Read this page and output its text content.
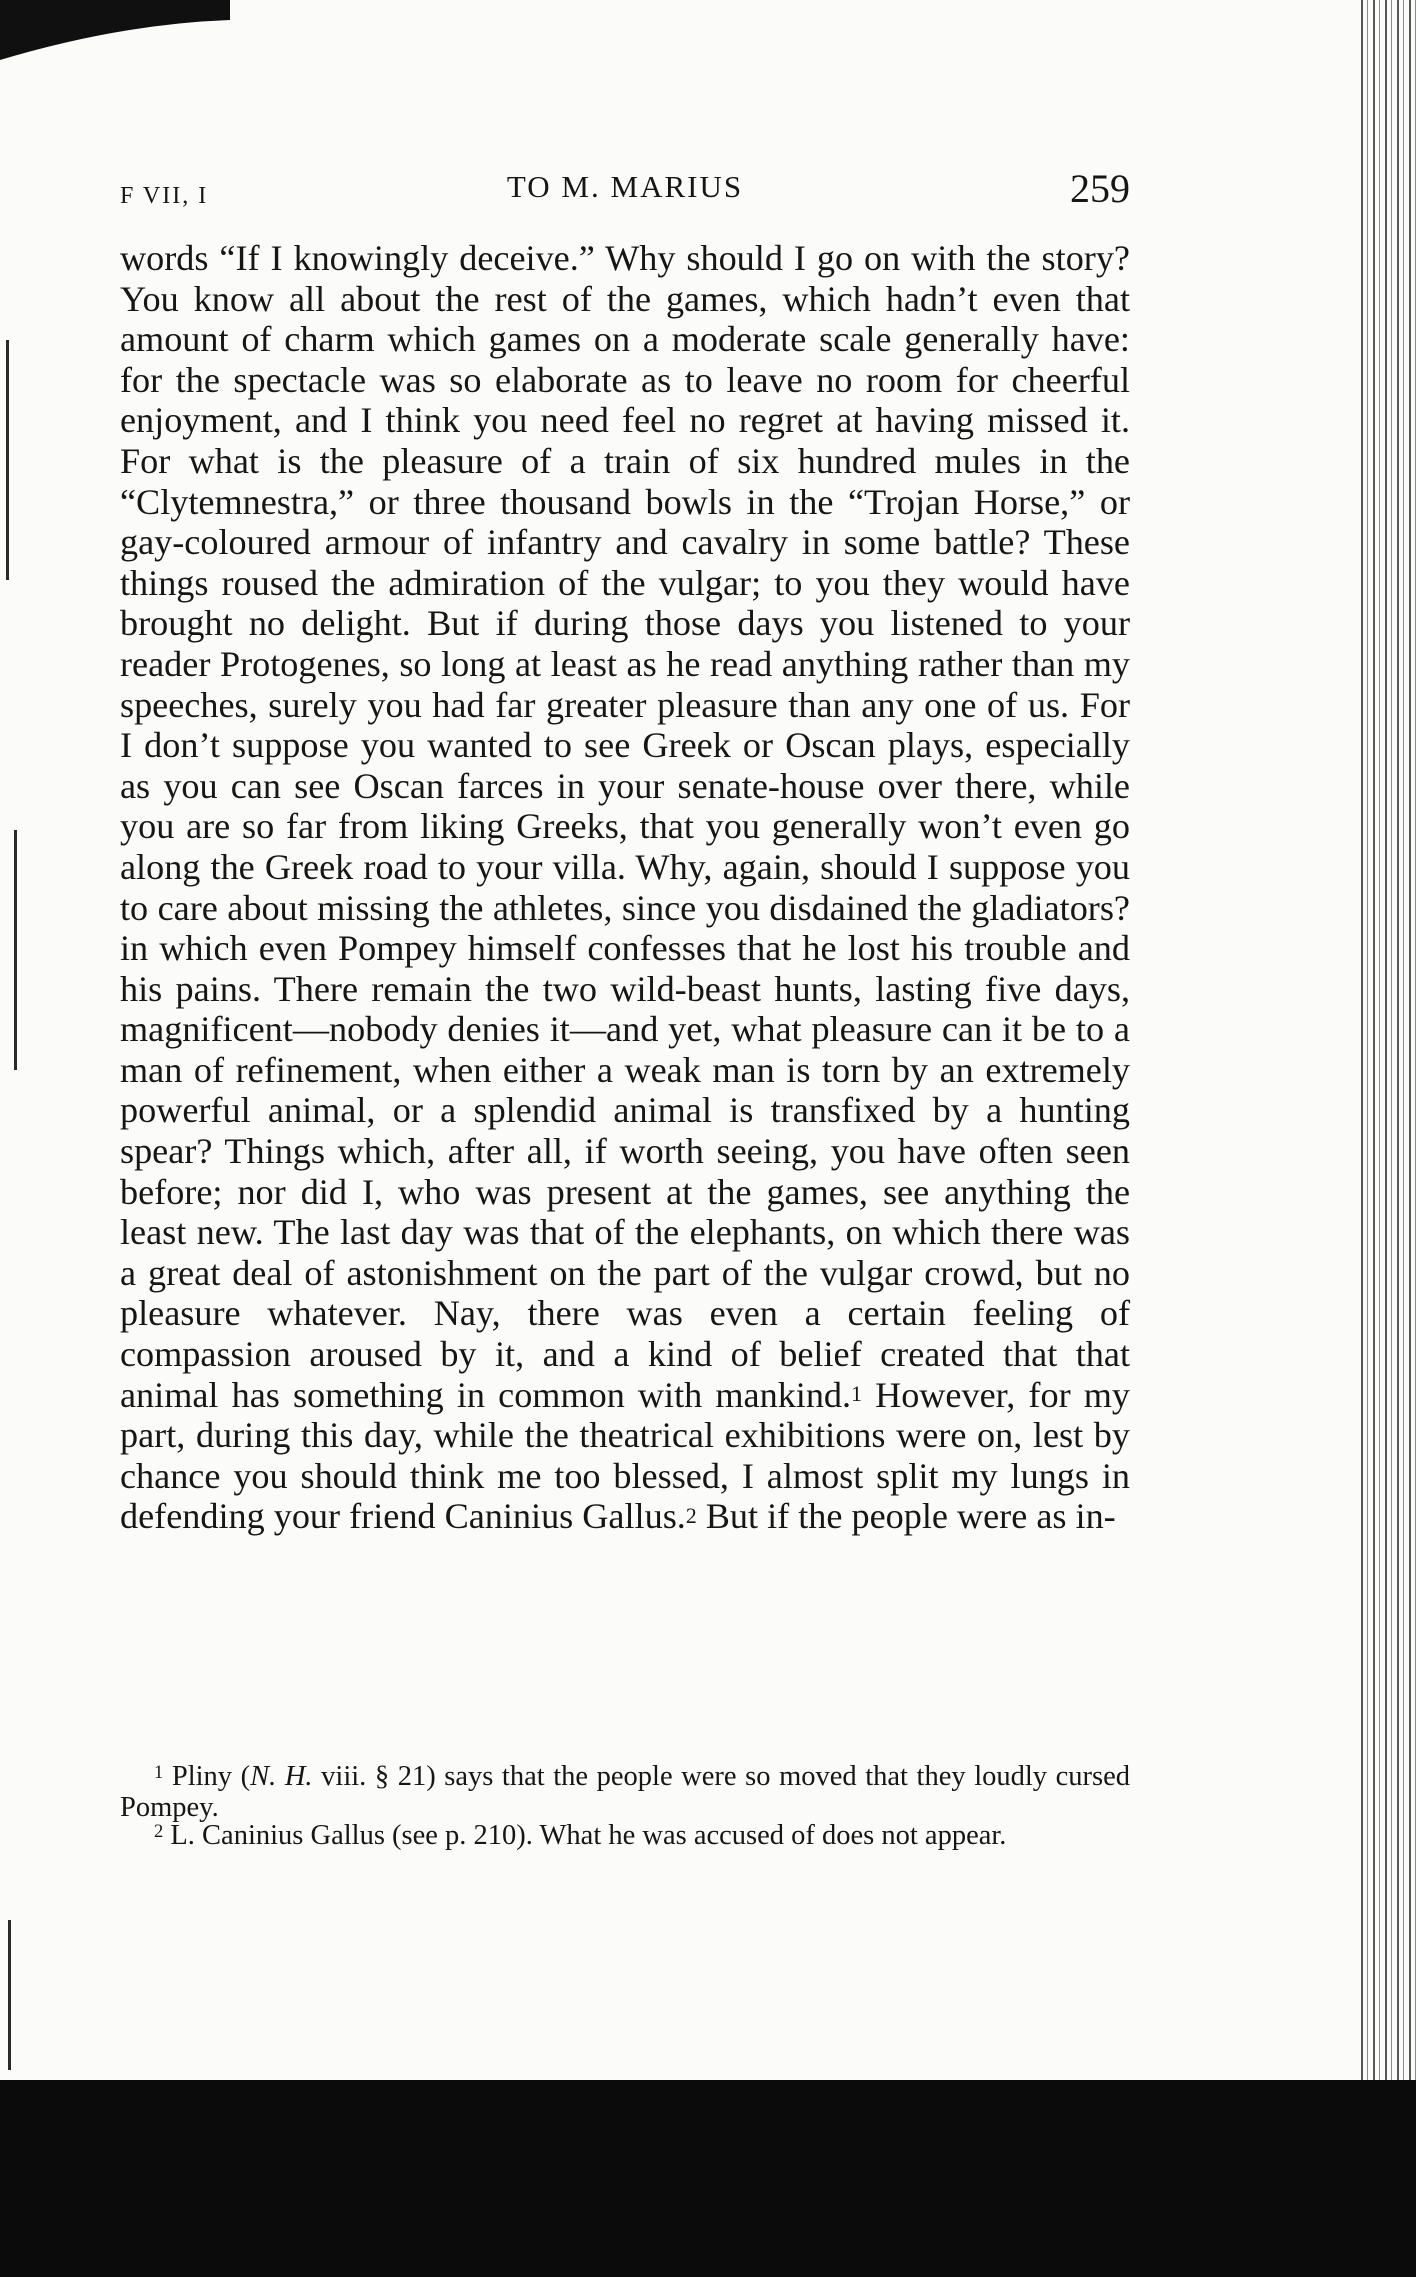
F VII, I	TO M. MARIUS	259

words “If I knowingly deceive.” Why should I go on with the story? You know all about the rest of the games, which hadn’t even that amount of charm which games on a moderate scale generally have: for the spectacle was so elaborate as to leave no room for cheerful enjoyment, and I think you need feel no regret at having missed it. For what is the pleasure of a train of six hundred mules in the “Clytemnestra,” or three thousand bowls in the “Trojan Horse,” or gay-coloured armour of infantry and cavalry in some battle? These things roused the admiration of the vulgar; to you they would have brought no delight. But if during those days you listened to your reader Protogenes, so long at least as he read anything rather than my speeches, surely you had far greater pleasure than any one of us. For I don’t suppose you wanted to see Greek or Oscan plays, especially as you can see Oscan farces in your senate-house over there, while you are so far from liking Greeks, that you generally won’t even go along the Greek road to your villa. Why, again, should I suppose you to care about missing the athletes, since you disdained the gladiators? in which even Pompey himself confesses that he lost his trouble and his pains. There remain the two wild-beast hunts, lasting five days, magnificent—nobody denies it—and yet, what pleasure can it be to a man of refinement, when either a weak man is torn by an extremely powerful animal, or a splendid animal is transfixed by a hunting spear? Things which, after all, if worth seeing, you have often seen before; nor did I, who was present at the games, see anything the least new. The last day was that of the elephants, on which there was a great deal of astonishment on the part of the vulgar crowd, but no pleasure whatever. Nay, there was even a certain feeling of compassion aroused by it, and a kind of belief created that that animal has something in common with mankind.$^1$ However, for my part, during this day, while the theatrical exhibitions were on, lest by chance you should think me too blessed, I almost split my lungs in defending your friend Caninius Gallus.$^2$ But if the people were as in-

$^1$ Pliny (N. H. viii. § 21) says that the people were so moved that they loudly cursed Pompey.

$^2$ L. Caninius Gallus (see p. 210). What he was accused of does not appear.
